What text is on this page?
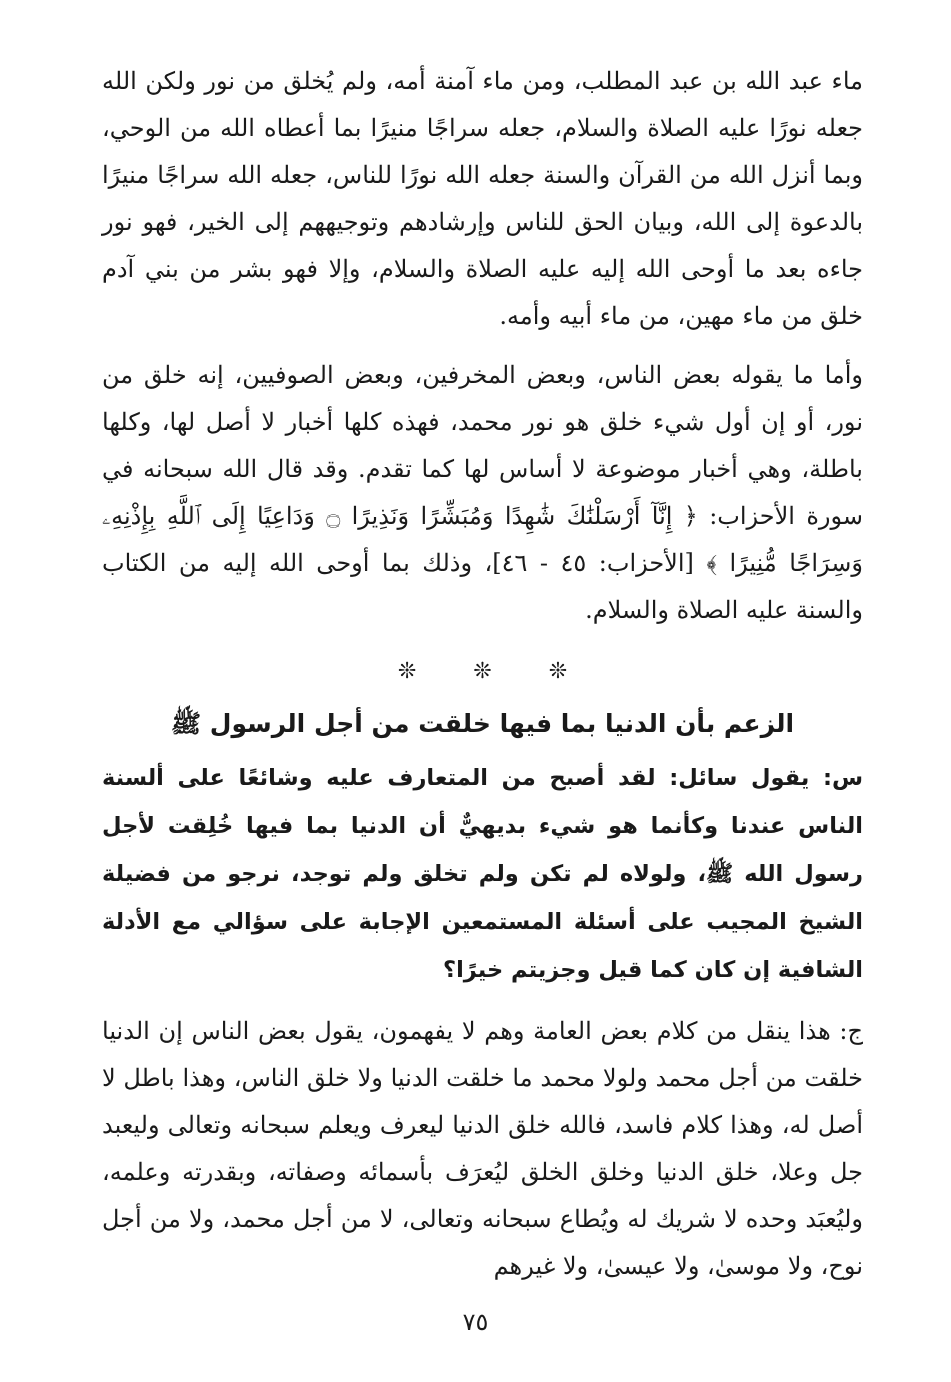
ماء عبد الله بن عبد المطلب، ومن ماء آمنة أمه، ولم يُخلق من نور ولكن الله جعله نورًا عليه الصلاة والسلام، جعله سراجًا منيرًا بما أعطاه الله من الوحي، وبما أنزل الله من القرآن والسنة جعله الله نورًا للناس، جعله الله سراجًا منيرًا بالدعوة إلى الله، وبيان الحق للناس وإرشادهم وتوجيههم إلى الخير، فهو نور جاءه بعد ما أوحى الله إليه عليه الصلاة والسلام، وإلا فهو بشر من بني آدم خلق من ماء مهين، من ماء أبيه وأمه.

وأما ما يقوله بعض الناس، وبعض المخرفين، وبعض الصوفيين، إنه خلق من نور، أو إن أول شيء خلق هو نور محمد، فهذه كلها أخبار لا أصل لها، وكلها باطلة، وهي أخبار موضوعة لا أساس لها كما تقدم. وقد قال الله سبحانه في سورة الأحزاب: ﴿ إِنَّآ أَرْسَلْنَٰكَ شَٰهِدًا وَمُبَشِّرًا وَنَذِيرًا ۝ وَدَاعِيًا إِلَى ٱللَّهِ بِإِذْنِهِۦ وَسِرَاجًا مُّنِيرًا ﴾ [الأحزاب: ٤٥ - ٤٦]، وذلك بما أوحى الله إليه من الكتاب والسنة عليه الصلاة والسلام.

❊ ❊ ❊
الزعم بأن الدنيا بما فيها خلقت من أجل الرسول ﷺ

س: يقول سائل: لقد أصبح من المتعارف عليه وشائعًا على ألسنة الناس عندنا وكأنما هو شيء بديهيٌّ أن الدنيا بما فيها خُلِقت لأجل رسول الله ﷺ، ولولاه لم تكن ولم تخلق ولم توجد، نرجو من فضيلة الشيخ المجيب على أسئلة المستمعين الإجابة على سؤالي مع الأدلة الشافية إن كان كما قيل وجزيتم خيرًا؟

ج: هذا ينقل من كلام بعض العامة وهم لا يفهمون، يقول بعض الناس إن الدنيا خلقت من أجل محمد ولولا محمد ما خلقت الدنيا ولا خلق الناس، وهذا باطل لا أصل له، وهذا كلام فاسد، فالله خلق الدنيا ليعرف ويعلم سبحانه وتعالى وليعبد جل وعلا، خلق الدنيا وخلق الخلق ليُعرَف بأسمائه وصفاته، وبقدرته وعلمه، وليُعبَد وحده لا شريك له ويُطاع سبحانه وتعالى، لا من أجل محمد، ولا من أجل نوح، ولا موسىٰ، ولا عيسىٰ، ولا غيرهم

٧٥
